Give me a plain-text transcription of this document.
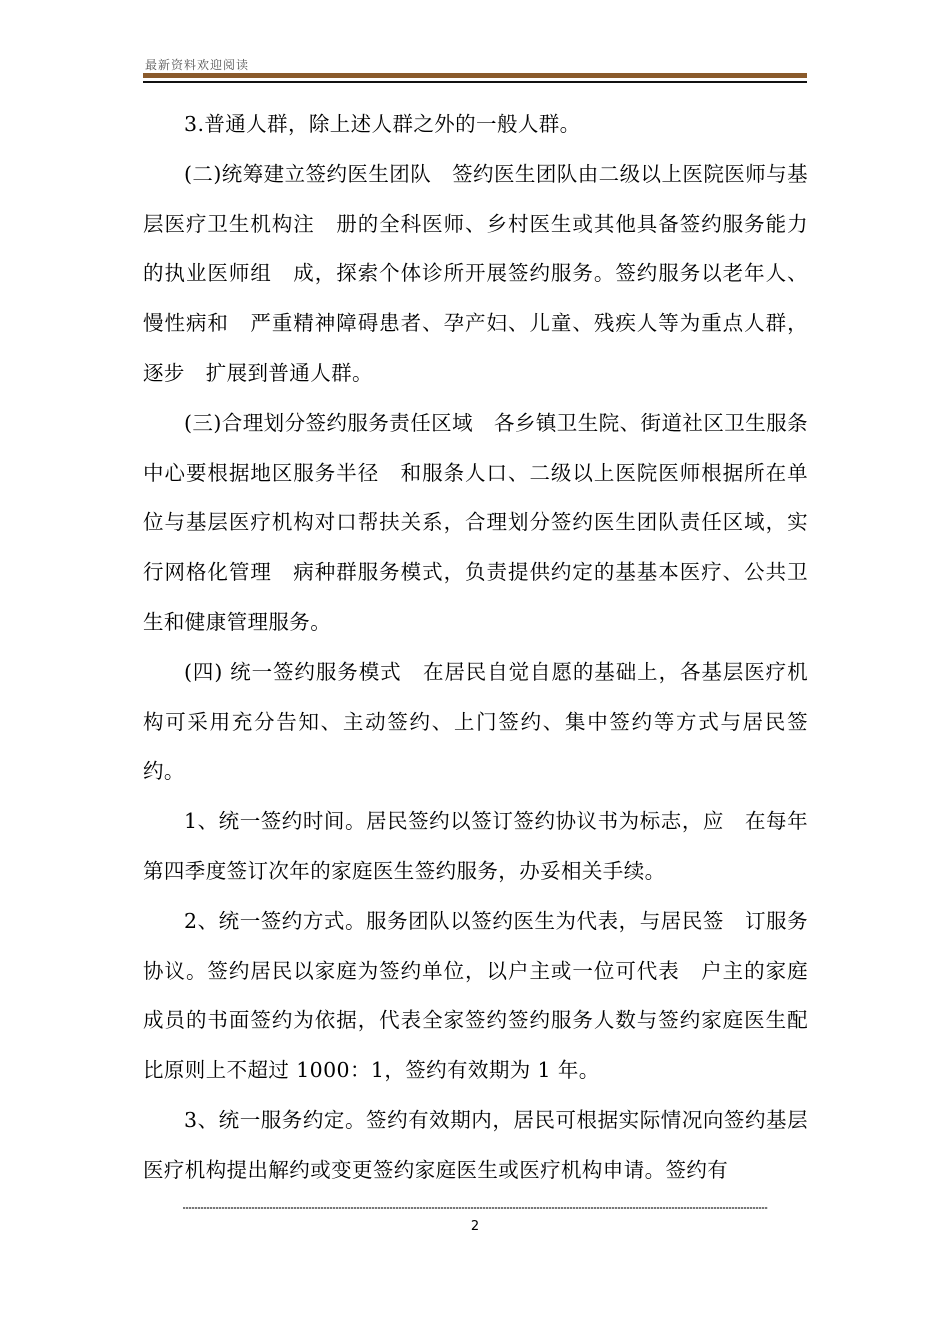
最新资料欢迎阅读

3.普通人群，除上述人群之外的一般人群。

(二)统筹建立签约医生团队　签约医生团队由二级以上医院医师与基层医疗卫生机构注　册的全科医师、乡村医生或其他具备签约服务能力的执业医师组　成，探索个体诊所开展签约服务。签约服务以老年人、慢性病和　严重精神障碍患者、孕产妇、儿童、残疾人等为重点人群，逐步　扩展到普通人群。

(三)合理划分签约服务责任区域　各乡镇卫生院、街道社区卫生服条中心要根据地区服务半径　和服条人口、二级以上医院医师根据所在单位与基层医疗机构对口帮扶关系，合理划分签约医生团队责任区域，实行网格化管理　病种群服务模式，负责提供约定的基基本医疗、公共卫生和健康管理服务。

(四) 统一签约服务模式　在居民自觉自愿的基础上，各基层医疗机构可采用充分告知、主动签约、上门签约、集中签约等方式与居民签约。

1、统一签约时间。居民签约以签订签约协议书为标志，应　在每年第四季度签订次年的家庭医生签约服务，办妥相关手续。

2、统一签约方式。服务团队以签约医生为代表，与居民签　订服务协议。签约居民以家庭为签约单位，以户主或一位可代表　户主的家庭成员的书面签约为依据，代表全家签约签约服务人数与签约家庭医生配比原则上不超过 1000：1，签约有效期为 1 年。

3、统一服务约定。签约有效期内，居民可根据实际情况向签约基层医疗机构提出解约或变更签约家庭医生或医疗机构申请。签约有

2
